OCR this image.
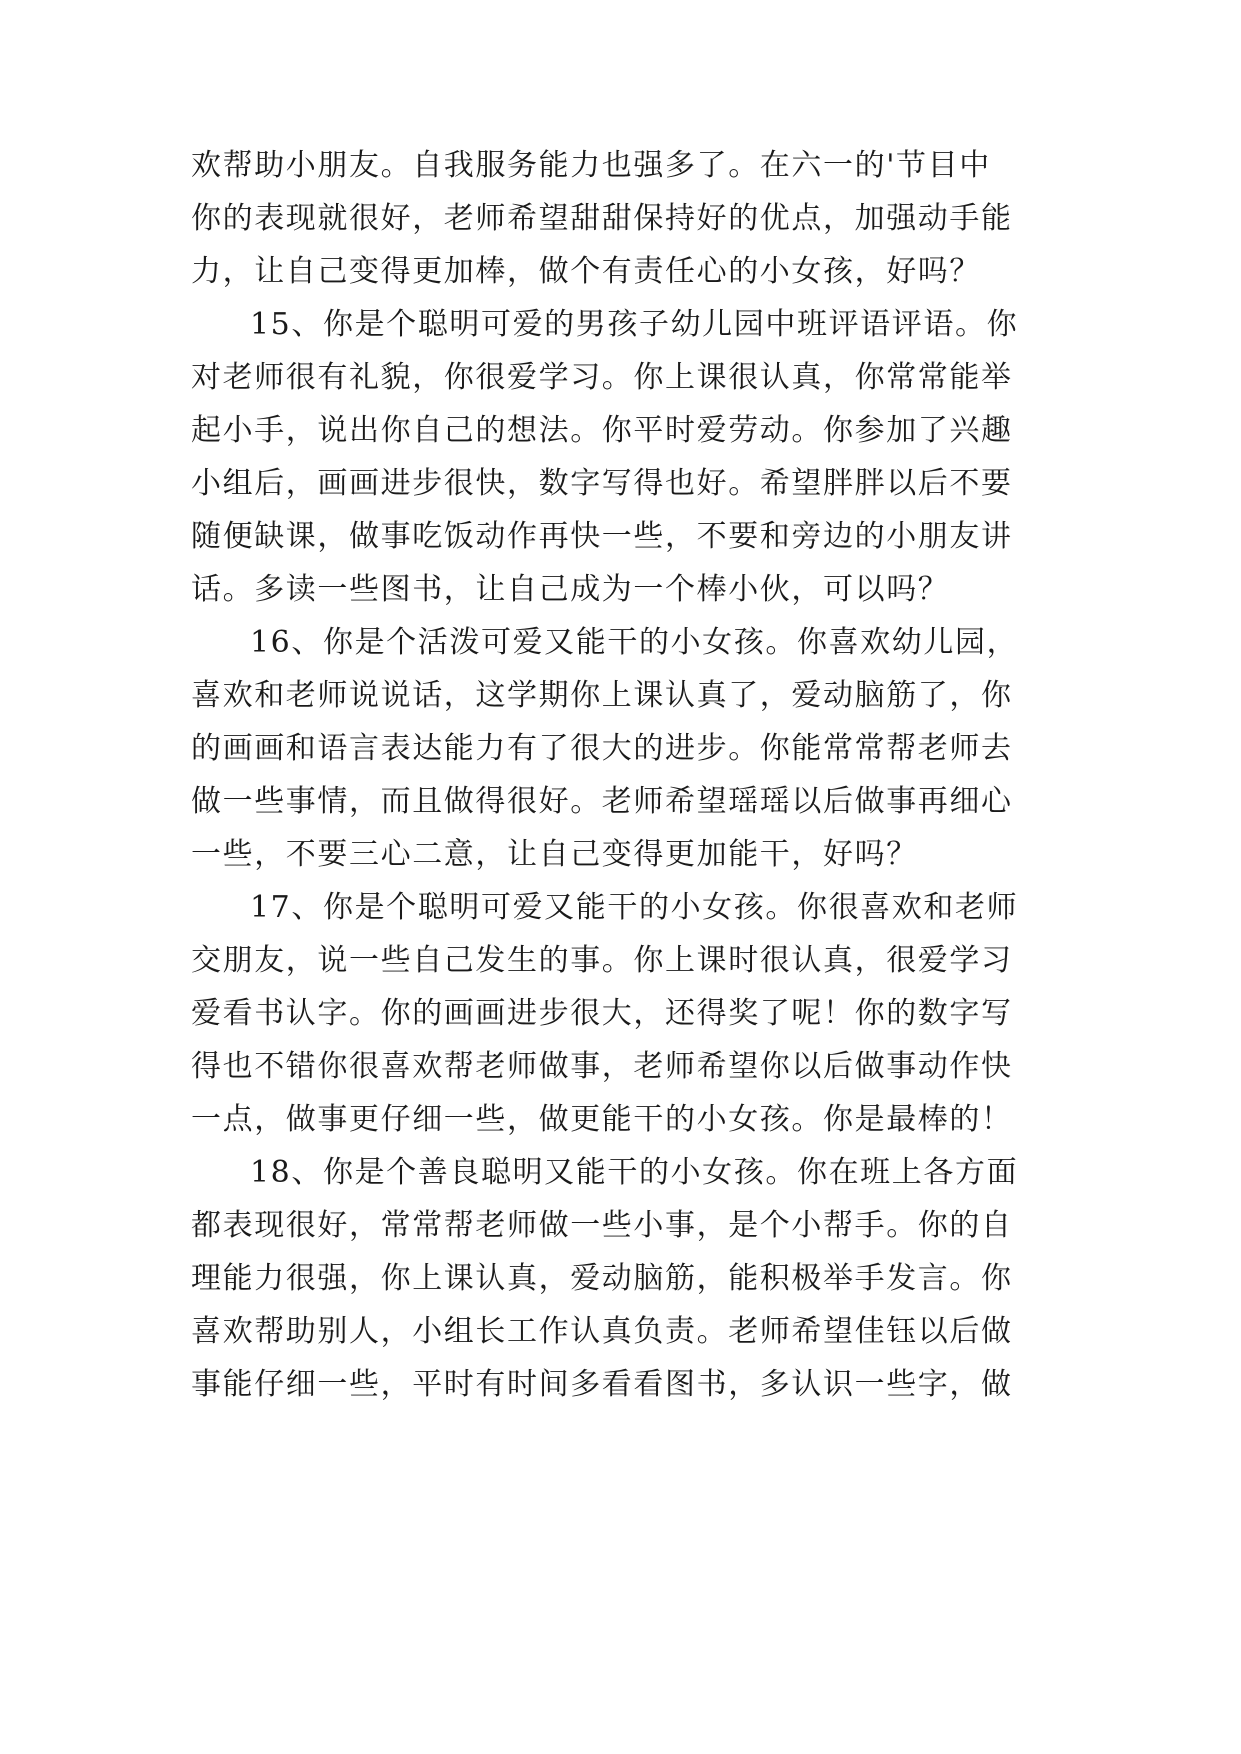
欢帮助小朋友。自我服务能力也强多了。在六一的'节目中
你的表现就很好，老师希望甜甜保持好的优点，加强动手能
力，让自己变得更加棒，做个有责任心的小女孩，好吗？
15、你是个聪明可爱的男孩子幼儿园中班评语评语。你
对老师很有礼貌，你很爱学习。你上课很认真，你常常能举
起小手，说出你自己的想法。你平时爱劳动。你参加了兴趣
小组后，画画进步很快，数字写得也好。希望胖胖以后不要
随便缺课，做事吃饭动作再快一些，不要和旁边的小朋友讲
话。多读一些图书，让自己成为一个棒小伙，可以吗？
16、你是个活泼可爱又能干的小女孩。你喜欢幼儿园，
喜欢和老师说说话，这学期你上课认真了，爱动脑筋了，你
的画画和语言表达能力有了很大的进步。你能常常帮老师去
做一些事情，而且做得很好。老师希望瑶瑶以后做事再细心
一些，不要三心二意，让自己变得更加能干，好吗？
17、你是个聪明可爱又能干的小女孩。你很喜欢和老师
交朋友，说一些自己发生的事。你上课时很认真，很爱学习
爱看书认字。你的画画进步很大，还得奖了呢！你的数字写
得也不错你很喜欢帮老师做事，老师希望你以后做事动作快
一点，做事更仔细一些，做更能干的小女孩。你是最棒的！
18、你是个善良聪明又能干的小女孩。你在班上各方面
都表现很好，常常帮老师做一些小事，是个小帮手。你的自
理能力很强，你上课认真，爱动脑筋，能积极举手发言。你
喜欢帮助别人，小组长工作认真负责。老师希望佳钰以后做
事能仔细一些，平时有时间多看看图书，多认识一些字，做
